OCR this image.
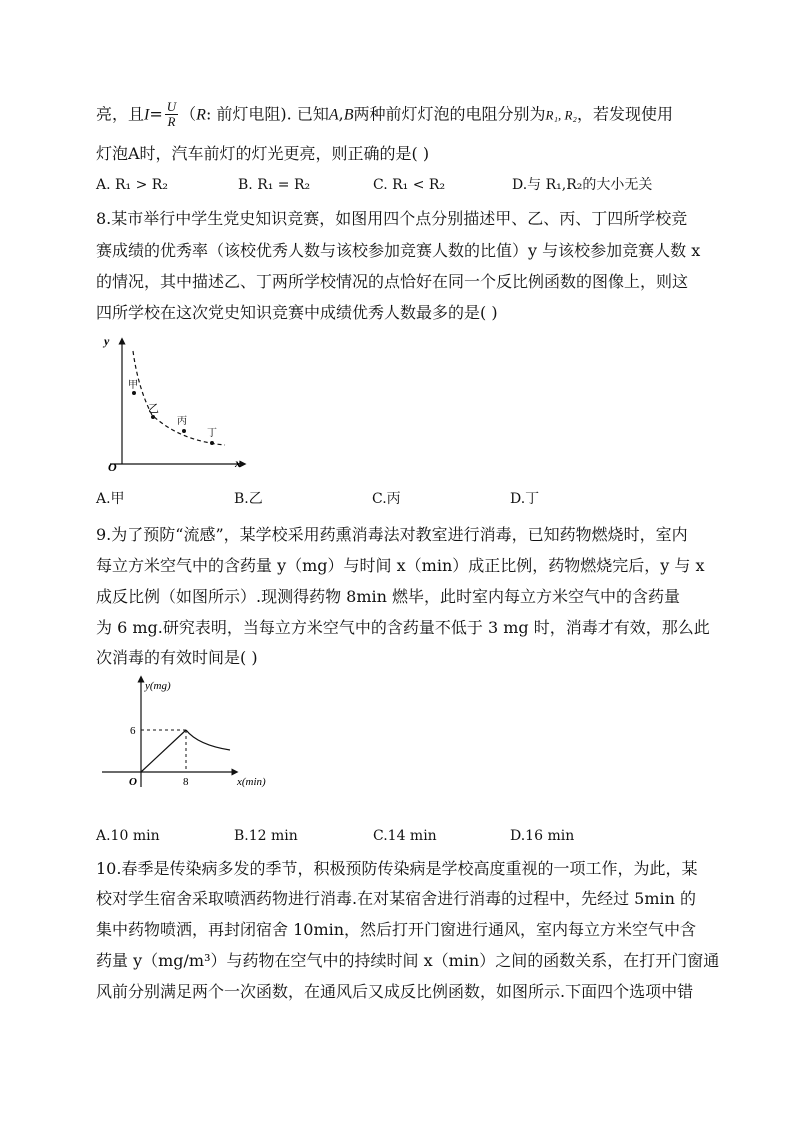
亮，且$I= \frac{U}{R} (R$: 前灯电阻). 已知A,B两种前灯灯泡的电阻分别为R₁, R₂，若发现使用
灯泡A时，汽车前灯的灯光更亮，则正确的是( )
A. R₁ > R₂	B. R₁ = R₂	C. R₁ < R₂	D.与 R₁,R₂的大小无关
8.某市举行中学生党史知识竞赛，如图用四个点分别描述甲、乙、丙、丁四所学校竞
赛成绩的优秀率（该校优秀人数与该校参加竞赛人数的比值）y 与该校参加竞赛人数 x
的情况，其中描述乙、丁两所学校情况的点恰好在同一个反比例函数的图像上，则这
四所学校在这次党史知识竞赛中成绩优秀人数最多的是( )
y
x
O
甲
乙
丙
丁
A.甲	B.乙	C.丙	D.丁
9.为了预防“流感”，某学校采用药熏消毒法对教室进行消毒，已知药物燃烧时，室内
每立方米空气中的含药量 y（mg）与时间 x（min）成正比例，药物燃烧完后，y 与 x
成反比例（如图所示）.现测得药物 8min 燃毕，此时室内每立方米空气中的含药量
为 6 mg.研究表明，当每立方米空气中的含药量不低于 3 mg 时，消毒才有效，那么此
次消毒的有效时间是( )
y(mg)
x(min)
O
6
8
A.10 min	B.12 min	C.14 min	D.16 min
10.春季是传染病多发的季节，积极预防传染病是学校高度重视的一项工作，为此，某
校对学生宿舍采取喷洒药物进行消毒.在对某宿舍进行消毒的过程中，先经过 5min 的
集中药物喷洒，再封闭宿舍 10min，然后打开门窗进行通风，室内每立方米空气中含
药量 y（mg/m³）与药物在空气中的持续时间 x（min）之间的函数关系，在打开门窗通
风前分别满足两个一次函数，在通风后又成反比例函数，如图所示.下面四个选项中错
